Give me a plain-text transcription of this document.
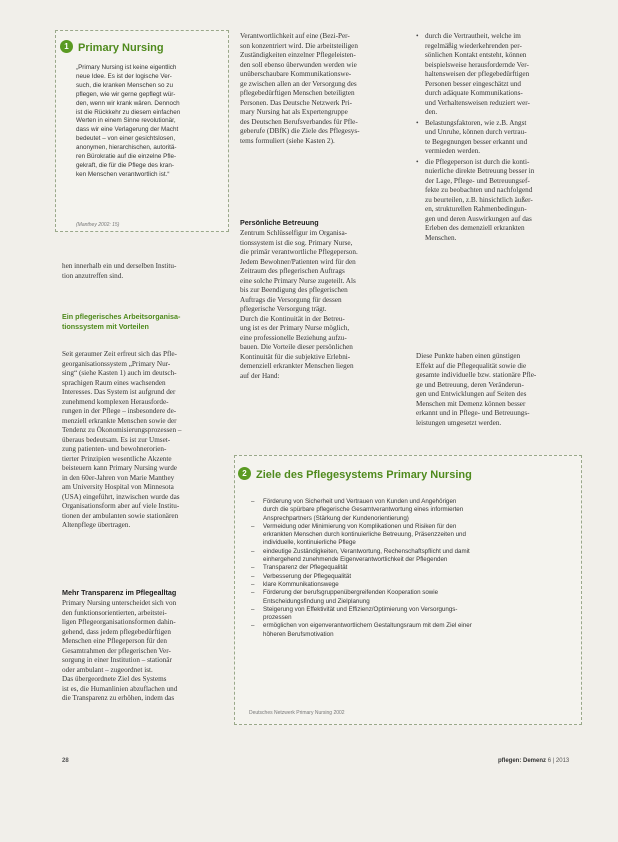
1 Primary Nursing
„Primary Nursing ist keine eigentlich
neue Idee. Es ist der logische Ver-
such, die kranken Menschen so zu
pflegen, wie wir gerne gepflegt wür-
den, wenn wir krank wären. Dennoch
ist die Rückkehr zu diesem einfachen
Werten in einem Sinne revolutionär,
dass wir eine Verlagerung der Macht
bedeutet – von einer gesichtslosen,
anonymen, hierarchischen, autoritä-
ren Bürokratie auf die einzelne Pfle-
gekraft, die für die Pflege des kran-
ken Menschen verantwortlich ist.“
(Manthey 2002: 15)
hen innerhalb ein und derselben Institu-
tion anzutreffen sind.
Ein pflegerisches Arbeitsorganisa-
tionssystem mit Vorteilen
Seit geraumer Zeit erfreut sich das Pfle-
georganisationssystem „Primary Nur-
sing“ (siehe Kasten 1) auch im deutsch-
sprachigen Raum eines wachsenden
Interesses. Das System ist aufgrund der
zunehmend komplexen Herausforde-
rungen in der Pflege – insbesondere de-
menziell erkrankte Menschen sowie der
Tendenz zu Ökonomisierungsprozessen –
überaus bedeutsam. Es ist zur Umset-
zung patienten- und bewohnerorien-
tierter Prinzipien wesentliche Akzente
beisteuern kann Primary Nursing wurde
in den 60er-Jahren von Marie Manthey
am University Hospital von Minnesota
(USA) eingeführt, inzwischen wurde das
Organisationsform aber auf viele Institu-
tionen der ambulanten sowie stationären
Altenpflege übertragen.
Mehr Transparenz im Pflegealltag
Primary Nursing unterscheidet sich von
den funktionsorientierten, arbeitstei-
ligen Pflegeorganisationsformen dahin-
gehend, dass jedem pflegebedürftigen
Menschen eine Pflegeperson für den
Gesamtrahmen der pflegerischen Ver-
sorgung in einer Institution – stationär
oder ambulant – zugeordnet ist.
Das übergeordnete Ziel des Systems
ist es, die Humanlinien abzuflachen und
die Transparenz zu erhöhen, indem das
Verantwortlichkeit auf eine (Bezi-Per-
son konzentriert wird. Die arbeitsteiligen
Zuständigkeiten einzelner Pflegeleisten-
den soll ebenso überwunden werden wie
unüberschaubare Kommunikationswe-
ge zwischen allen an der Versorgung des
pflegebedürftigen Menschen beteiligten
Personen. Das Deutsche Netzwerk Pri-
mary Nursing hat als Expertengruppe
des Deutschen Berufsverbandes für Pfle-
geberufe (DBfK) die Ziele des Pflegesys-
tems formuliert (siehe Kasten 2).
Persönliche Betreuung
Zentrum Schlüsselfigur im Organisa-
tionssystem ist die sog. Primary Nurse,
die primär verantwortliche Pflegeperson.
Jedem Bewohner/Patienten wird für den
Zeitraum des pflegerischen Auftrags
eine solche Primary Nurse zugeteilt. Als
bis zur Beendigung des pflegerischen
Auftrags die Versorgung für dessen
pflegerische Versorgung trägt.
Durch die Kontinuität in der Betreu-
ung ist es der Primary Nurse möglich,
eine professionelle Beziehung aufzu-
bauen. Die Vorteile dieser persönlichen
Kontinuität für die subjektive Erlebni-
demenziell erkrankter Menschen liegen
auf der Hand:
• durch die Vertrautheit, welche im
regelmäßig wiederkehrenden per-
sönlichen Kontakt entsteht, können
beispielsweise herausfordernde Ver-
haltensweisen der pflegebedürftigen
Personen besser eingeschätzt und
durch adäquate Kommunikations-
und Verhaltensweisen reduziert wer-
den.
• Belastungsfaktoren, wie z.B. Angst
und Unruhe, können durch vertrau-
te Begegnungen besser erkannt und
vermieden werden.
• die Pflegeperson ist durch die konti-
nuierliche direkte Betreuung besser in
der Lage, Pflege- und Betreuungsef-
fekte zu beobachten und nachfolgend
zu beurteilen, z.B. hinsichtlich äußer-
en, strukturellen Rahmenbedingun-
gen und deren Auswirkungen auf das
Erleben des demenziell erkrankten
Menschen.
Diese Punkte haben einen günstigen
Effekt auf die Pflegequalität sowie die
gesamte individuelle bzw. stationäre Pfle-
ge und Betreuung, deren Veränderun-
gen und Entwicklungen auf Seiten des
Menschen mit Demenz können besser
erkannt und in Pflege- und Betreuungs-
leistungen umgesetzt werden.
2 Ziele des Pflegesystems Primary Nursing
– Förderung von Sicherheit und Vertrauen von Kunden und Angehörigen
durch die spürbare pflegerische Gesamtverantwortung eines informierten
Ansprechpartners (Stärkung der Kundenorientierung)
– Vermeidung oder Minimierung von Komplikationen und Risiken für den
erkrankten Menschen durch kontinuierliche Betreuung, Präsenzzeiten und
individuelle, kontinuierliche Pflege
– eindeutige Zuständigkeiten, Verantwortung, Rechenschaftspflicht und damit
einhergehend zunehmende Eigenverantwortlichkeit der Pflegenden
– Transparenz der Pflegequalität
– Verbesserung der Pflegequalität
– klare Kommunikationswege
– Förderung der berufsgruppenübergreifenden Kooperation sowie
Entscheidungsfindung und Zielplanung
– Steigerung von Effektivität und Effizienz/Optimierung von Versorgungs-
prozessen
– ermöglichen von eigenverantwortlichem Gestaltungsraum mit dem Ziel einer
höheren Berufsmotivation
Deutsches Netzwerk Primary Nursing 2002
28	pflegen: Demenz 6 | 2013
